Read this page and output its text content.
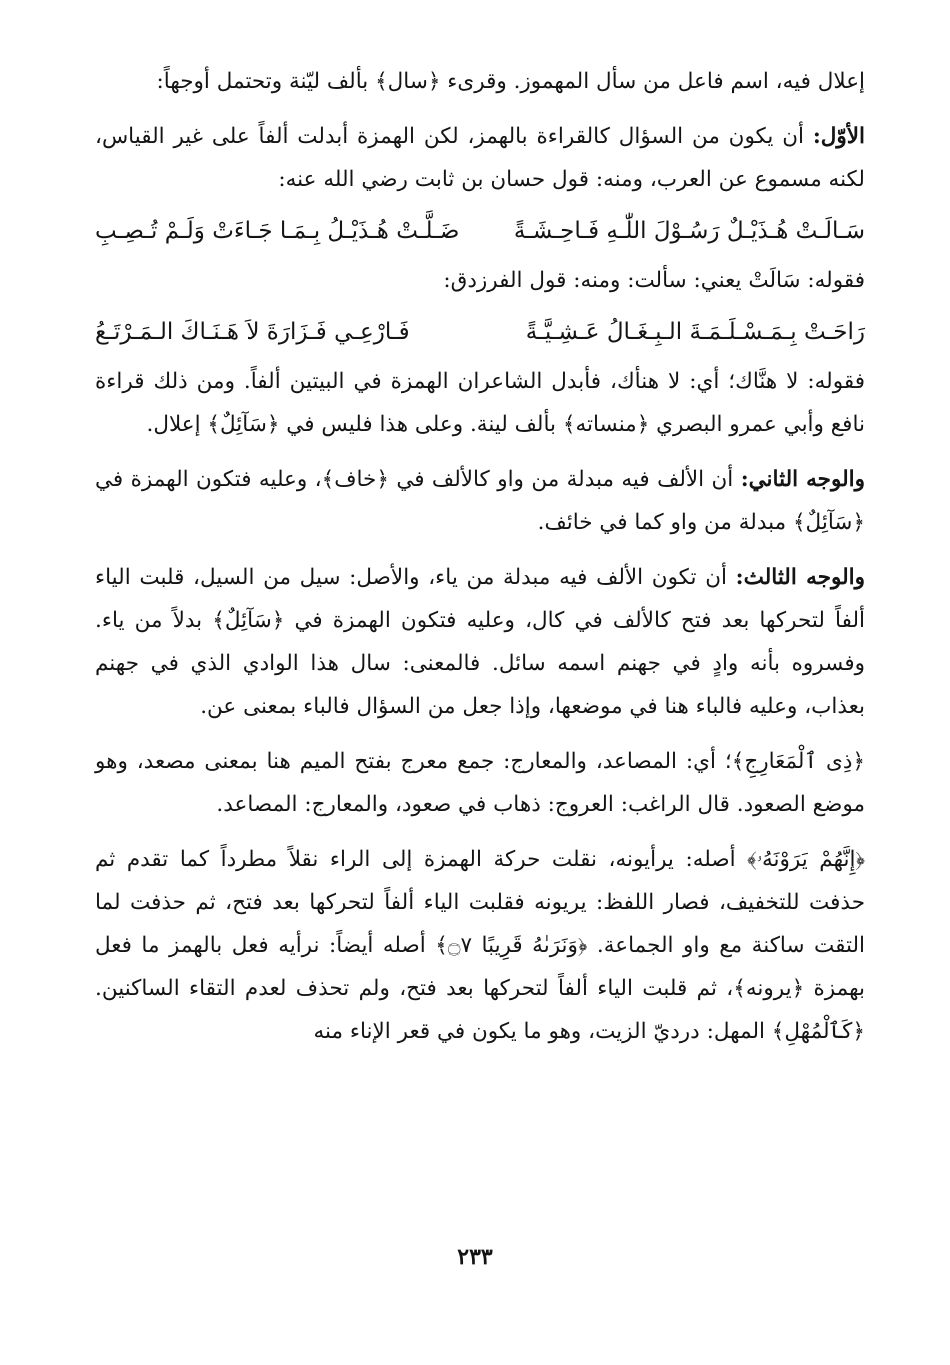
إعلال فيه، اسم فاعل من سأل المهموز. وقرىء ﴿سال﴾ بألف ليّنة وتحتمل أوجهاً:

الأوّل: أن يكون من السؤال كالقراءة بالهمز، لكن الهمزة أبدلت ألفاً على غير القياس، لكنه مسموع عن العرب، ومنه: قول حسان بن ثابت رضي الله عنه:

سَـالَـتْ هُـذَيْـلٌ رَسُـوْلَ اللّٰـهِ فَـاحِـشَـةً
ضَـلَّـتْ هُـذَيْـلُ بِـمَـا جَـاءَتْ وَلَـمْ تُـصِـبِ

فقوله: سَالَتْ يعني: سألت: ومنه: قول الفرزدق:

رَاحَـتْ بِـمَـسْـلَـمَـةَ الـبِـغَـالُ عَـشِـيَّـةً
فَـارْعِـي فَـزَارَةَ لاَ هَـنَـاكَ الـمَـرْتَـعُ

فقوله: لا هنَّاك؛ أي: لا هنأك، فأبدل الشاعران الهمزة في البيتين ألفاً. ومن ذلك قراءة نافع وأبي عمرو البصري ﴿منساته﴾ بألف لينة. وعلى هذا فليس في ﴿سَآئِلٌ﴾ إعلال.

والوجه الثاني: أن الألف فيه مبدلة من واو كالألف في ﴿خاف﴾، وعليه فتكون الهمزة في ﴿سَآئِلٌ﴾ مبدلة من واو كما في خائف.

والوجه الثالث: أن تكون الألف فيه مبدلة من ياء، والأصل: سيل من السيل، قلبت الياء ألفاً لتحركها بعد فتح كالألف في كال، وعليه فتكون الهمزة في ﴿سَآئِلٌ﴾ بدلاً من ياء. وفسروه بأنه وادٍ في جهنم اسمه سائل. فالمعنى: سال هذا الوادي الذي في جهنم بعذاب، وعليه فالباء هنا في موضعها، وإذا جعل من السؤال فالباء بمعنى عن.

﴿ذِى ٱلْمَعَارِجِ﴾؛ أي: المصاعد، والمعارج: جمع معرج بفتح الميم هنا بمعنى مصعد، وهو موضع الصعود. قال الراغب: العروج: ذهاب في صعود، والمعارج: المصاعد.

﴿إِنَّهُمْ يَرَوْنَهُۥ﴾ أصله: يرأيونه، نقلت حركة الهمزة إلى الراء نقلاً مطرداً كما تقدم ثم حذفت للتخفيف، فصار اللفظ: يريونه فقلبت الياء ألفاً لتحركها بعد فتح، ثم حذفت لما التقت ساكنة مع واو الجماعة. ﴿وَنَرَىٰهُ قَرِيبًا ۝٧﴾ أصله أيضاً: نرأيه فعل بالهمز ما فعل بهمزة ﴿يرونه﴾، ثم قلبت الياء ألفاً لتحركها بعد فتح، ولم تحذف لعدم التقاء الساكنين. ﴿كَٱلْمُهْلِ﴾ المهل: درديّ الزيت، وهو ما يكون في قعر الإناء منه

٢٣٣
